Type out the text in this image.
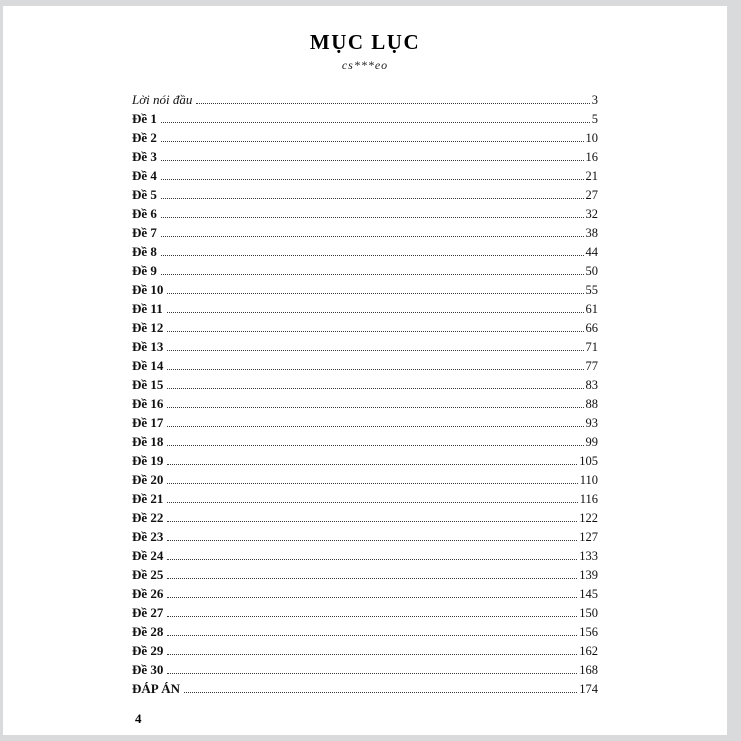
MỤC LỤC
cs***eo
Lời nói đầu	3
Đề 1	5
Đề 2	10
Đề 3	16
Đề 4	21
Đề 5	27
Đề 6	32
Đề 7	38
Đề 8	44
Đề 9	50
Đề 10	55
Đề 11	61
Đề 12	66
Đề 13	71
Đề 14	77
Đề 15	83
Đề 16	88
Đề 17	93
Đề 18	99
Đề 19	105
Đề 20	110
Đề 21	116
Đề 22	122
Đề 23	127
Đề 24	133
Đề 25	139
Đề 26	145
Đề 27	150
Đề 28	156
Đề 29	162
Đề 30	168
ĐÁP ÁN	174
4
